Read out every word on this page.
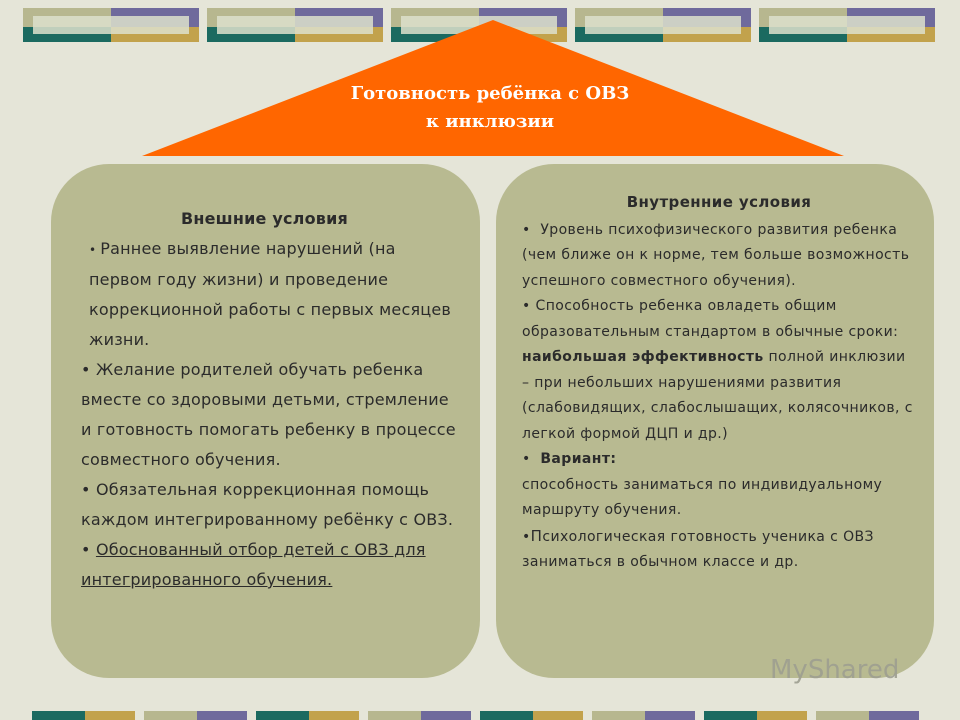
Готовность ребёнка с ОВЗ
к инклюзии
Внешние условия
• Раннее выявление нарушений (на первом году жизни) и проведение коррекционной работы с первых месяцев жизни.
• Желание родителей обучать ребенка вместе со здоровыми детьми, стремление и готовность помогать ребенку в процессе совместного обучения.
• Обязательная коррекционная помощь каждом интегрированному ребёнку с ОВЗ.
• Обоснованный отбор детей с ОВЗ для интегрированного обучения.
Внутренние условия
•  Уровень психофизического развития ребенка (чем ближе он к норме, тем больше возможность успешного совместного обучения).
• Способность ребенка овладеть общим образовательным стандартом в обычные сроки:
наибольшая эффективность полной инклюзии – при небольших нарушениями развития (слабовидящих, слабослышащих, колясочников, с легкой формой ДЦП и др.)
•  Вариант:
способность заниматься по индивидуальному маршруту обучения.
•Психологическая готовность ученика с ОВЗ заниматься в обычном классе и др.
MyShared
